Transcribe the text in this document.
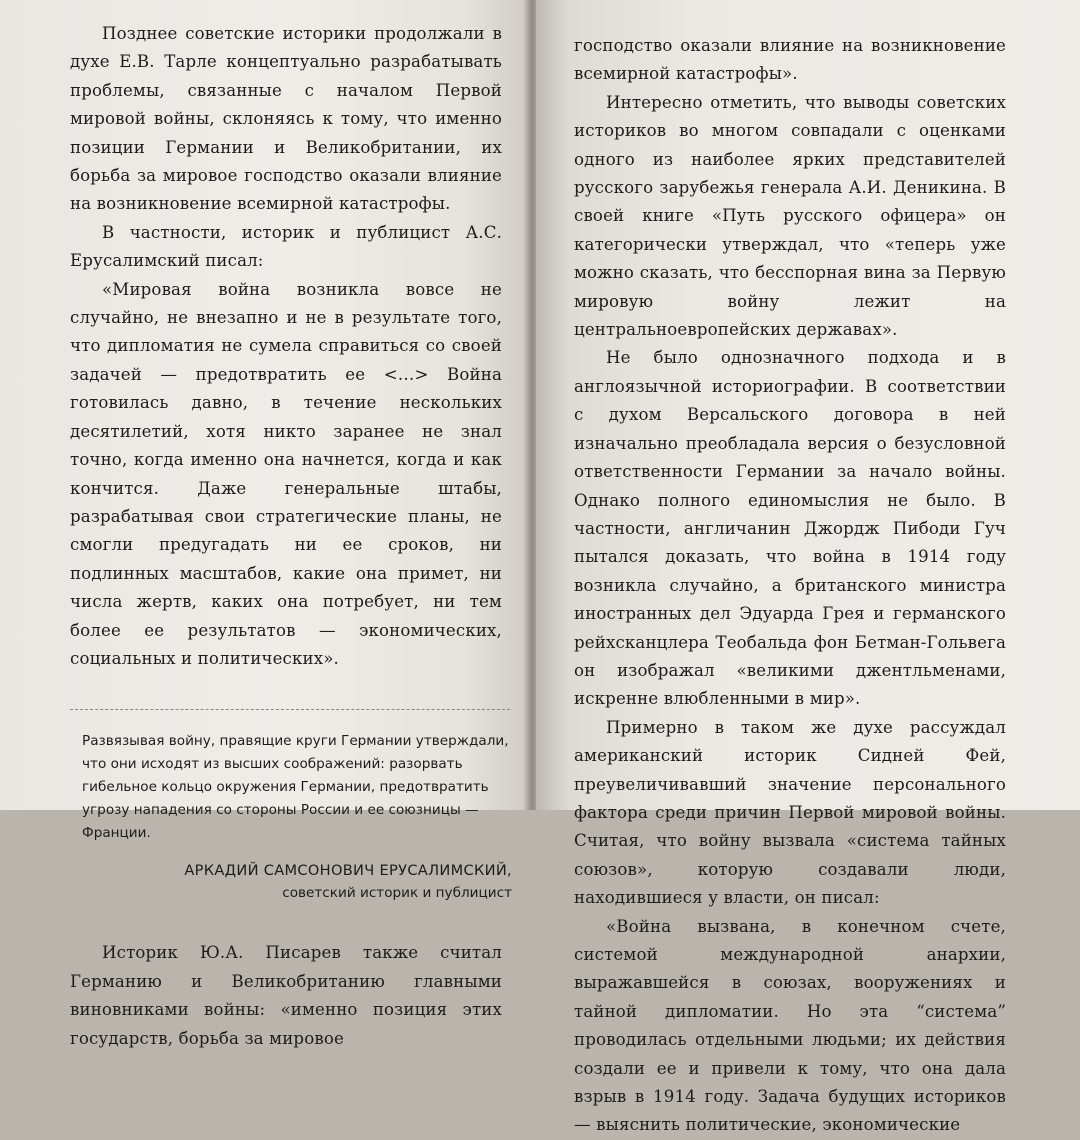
Позднее советские историки продолжали в духе Е.В. Тарле концептуально разрабатывать проблемы, связанные с началом Первой мировой войны, склоняясь к тому, что именно позиции Германии и Великобритании, их борьба за мировое господство оказали влияние на возникновение всемирной катастрофы.

В частности, историк и публицист А.С. Ерусалимский писал:

«Мировая война возникла вовсе не случайно, не внезапно и не в результате того, что дипломатия не сумела справиться со своей задачей — предотвратить ее <…> Война готовилась давно, в течение нескольких десятилетий, хотя никто заранее не знал точно, когда именно она начнется, когда и как кончится. Даже генеральные штабы, разрабатывая свои стратегические планы, не смогли предугадать ни ее сроков, ни подлинных масштабов, какие она примет, ни числа жертв, каких она потребует, ни тем более ее результатов — экономических, социальных и политических».

Развязывая войну, правящие круги Германии утверждали, что они исходят из высших соображений: разорвать гибельное кольцо окружения Германии, предотвратить угрозу нападения со стороны России и ее союзницы — Франции.
АРКАДИЙ САМСОНОВИЧ ЕРУСАЛИМСКИЙ,
советский историк и публицист

Историк Ю.А. Писарев также считал Германию и Великобританию главными виновниками войны: «именно позиция этих государств, борьба за мировое

господство оказали влияние на возникновение всемирной катастрофы».

Интересно отметить, что выводы советских историков во многом совпадали с оценками одного из наиболее ярких представителей русского зарубежья генерала А.И. Деникина. В своей книге «Путь русского офицера» он категорически утверждал, что «теперь уже можно сказать, что бесспорная вина за Первую мировую войну лежит на центральноевропейских державах».

Не было однозначного подхода и в англоязычной историографии. В соответствии с духом Версальского договора в ней изначально преобладала версия о безусловной ответственности Германии за начало войны. Однако полного единомыслия не было. В частности, англичанин Джордж Пибоди Гуч пытался доказать, что война в 1914 году возникла случайно, а британского министра иностранных дел Эдуарда Грея и германского рейхсканцлера Теобальда фон Бетман-Гольвега он изображал «великими джентльменами, искренне влюбленными в мир».

Примерно в таком же духе рассуждал американский историк Сидней Фей, преувеличивавший значение персонального фактора среди причин Первой мировой войны. Считая, что войну вызвала «система тайных союзов», которую создавали люди, находившиеся у власти, он писал:

«Война вызвана, в конечном счете, системой международной анархии, выражавшейся в союзах, вооружениях и тайной дипломатии. Но эта “система” проводилась отдельными людьми; их действия создали ее и привели к тому, что она дала взрыв в 1914 году. Задача будущих историков — выяснить политические, экономические
